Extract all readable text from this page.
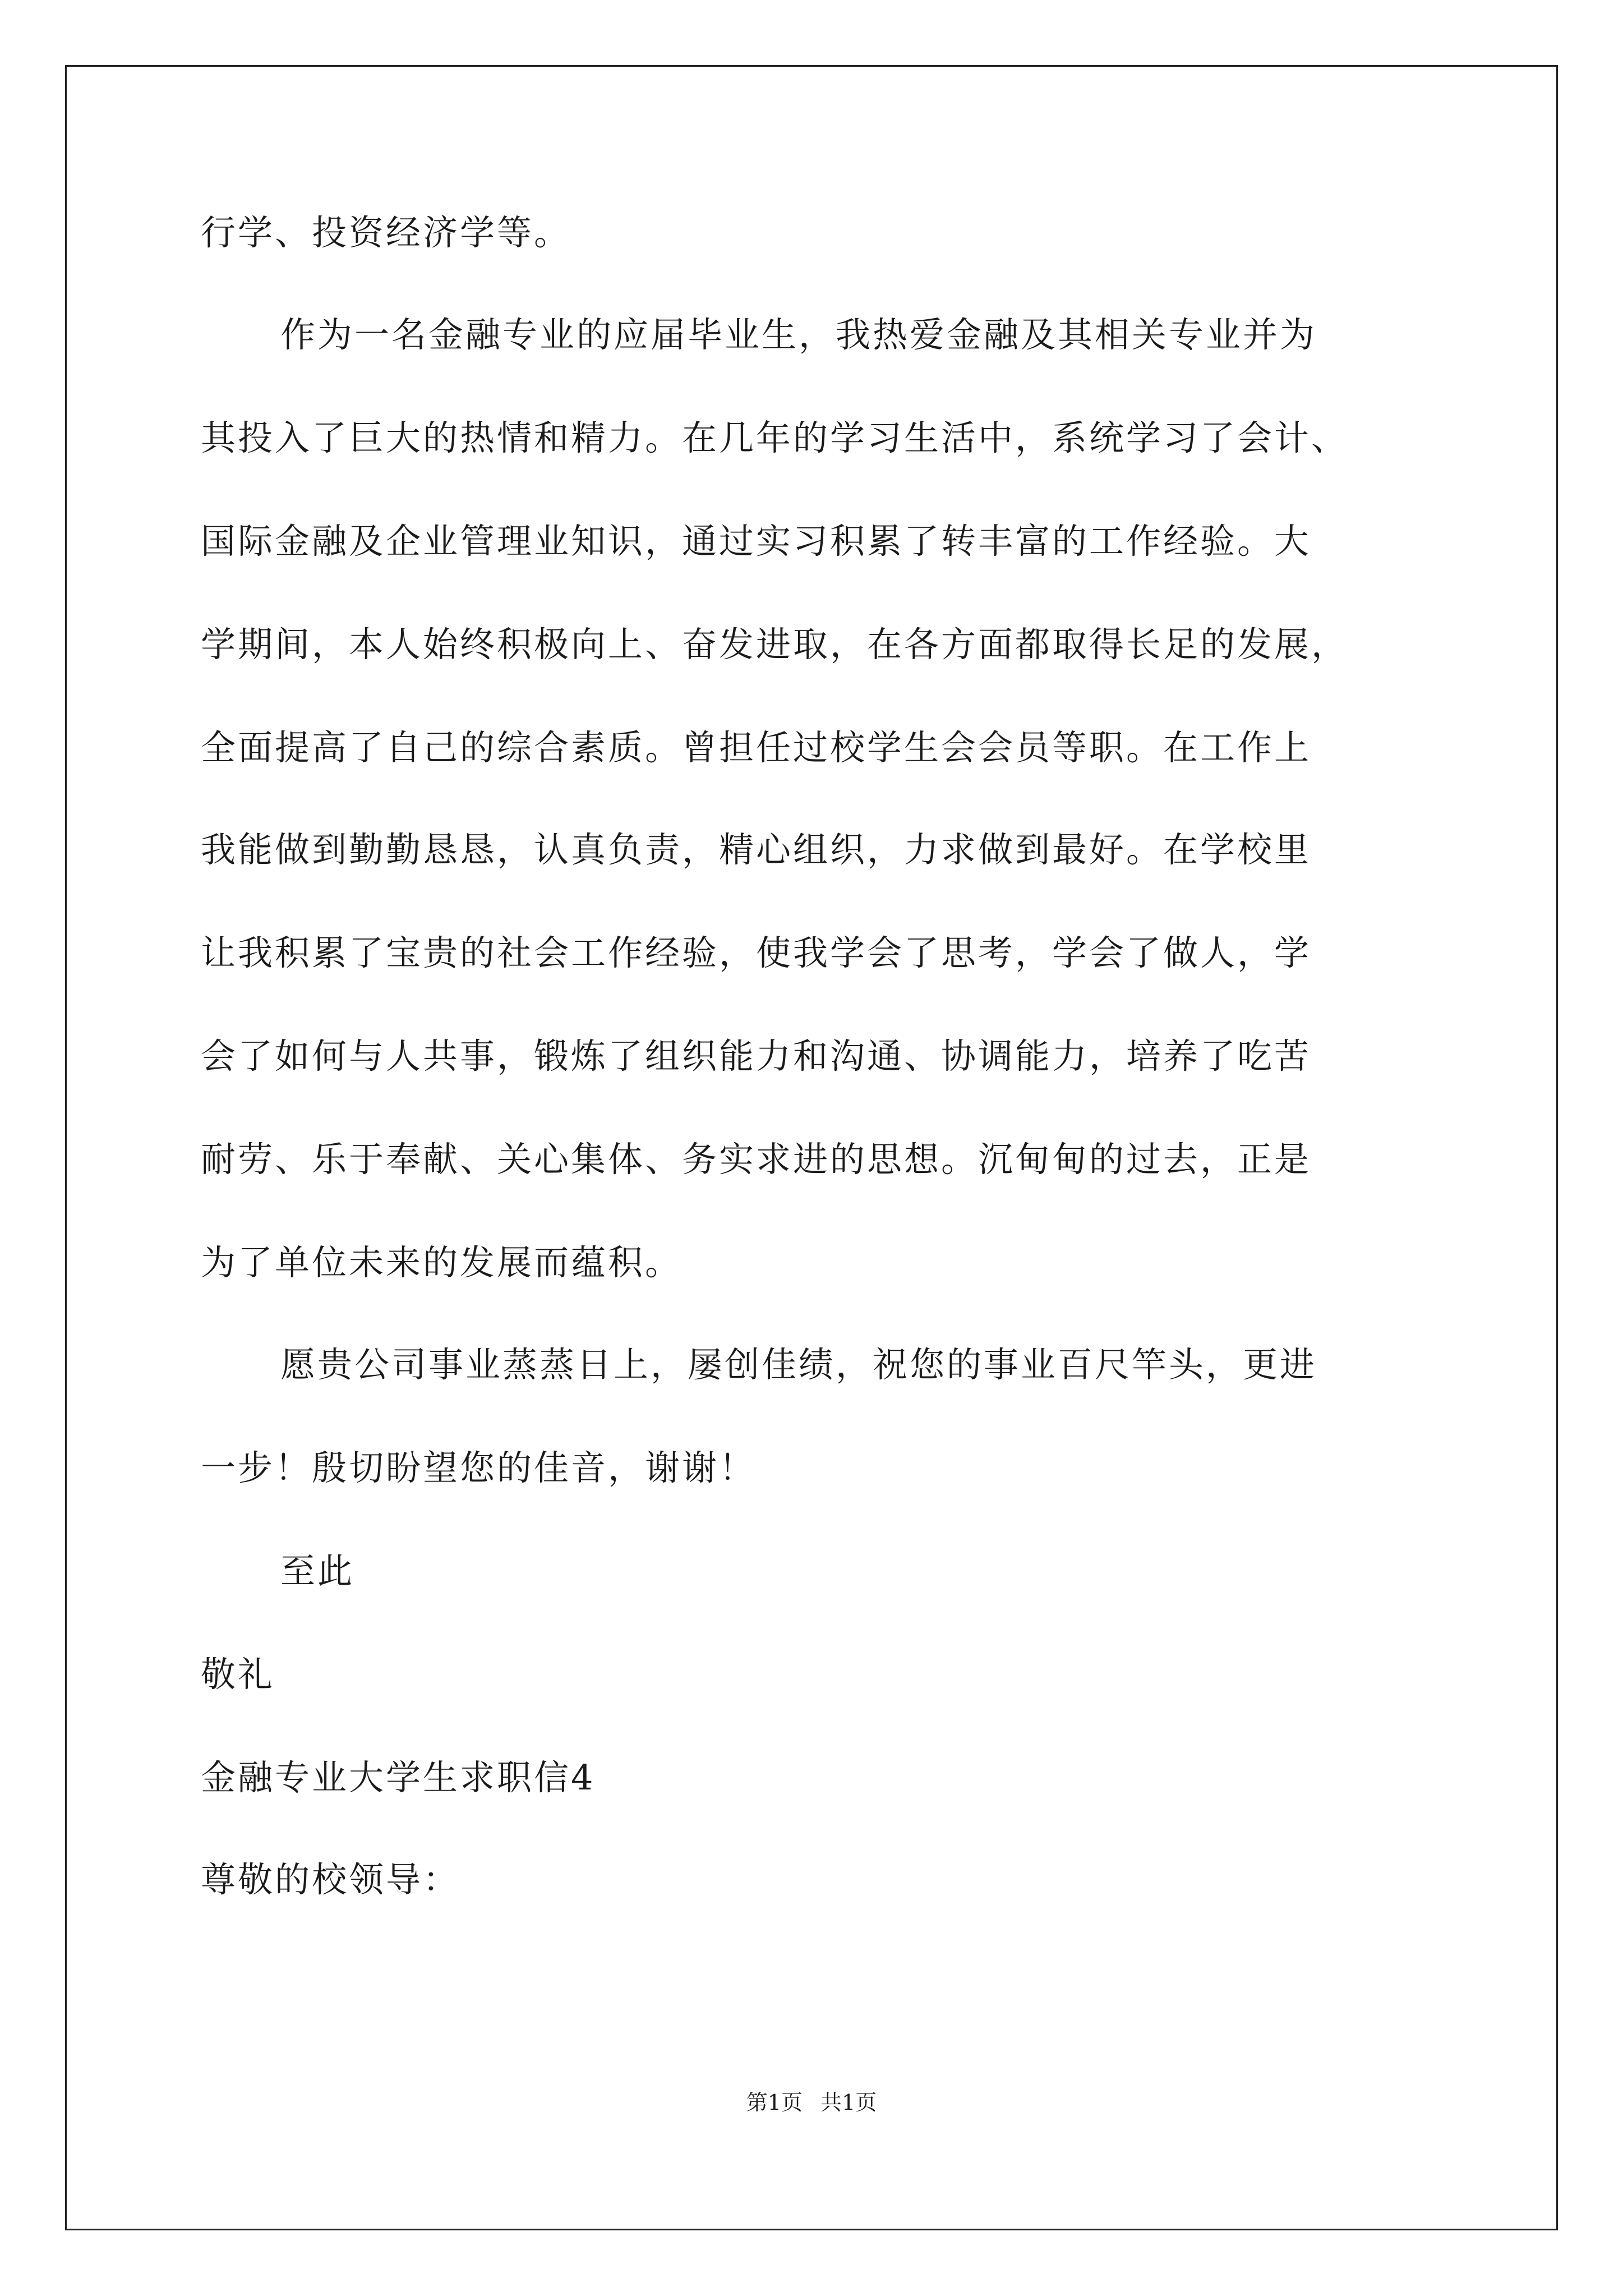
行学、投资经济学等。
作为一名金融专业的应届毕业生，我热爱金融及其相关专业并为
其投入了巨大的热情和精力。在几年的学习生活中，系统学习了会计、
国际金融及企业管理业知识，通过实习积累了转丰富的工作经验。大
学期间，本人始终积极向上、奋发进取，在各方面都取得长足的发展，
全面提高了自己的综合素质。曾担任过校学生会会员等职。在工作上
我能做到勤勤恳恳，认真负责，精心组织，力求做到最好。在学校里
让我积累了宝贵的社会工作经验，使我学会了思考，学会了做人，学
会了如何与人共事，锻炼了组织能力和沟通、协调能力，培养了吃苦
耐劳、乐于奉献、关心集体、务实求进的思想。沉甸甸的过去，正是
为了单位未来的发展而蕴积。
愿贵公司事业蒸蒸日上，屡创佳绩，祝您的事业百尺竿头，更进
一步！殷切盼望您的佳音，谢谢！
至此
敬礼
金融专业大学生求职信4
尊敬的校领导：
第1页 共1页
